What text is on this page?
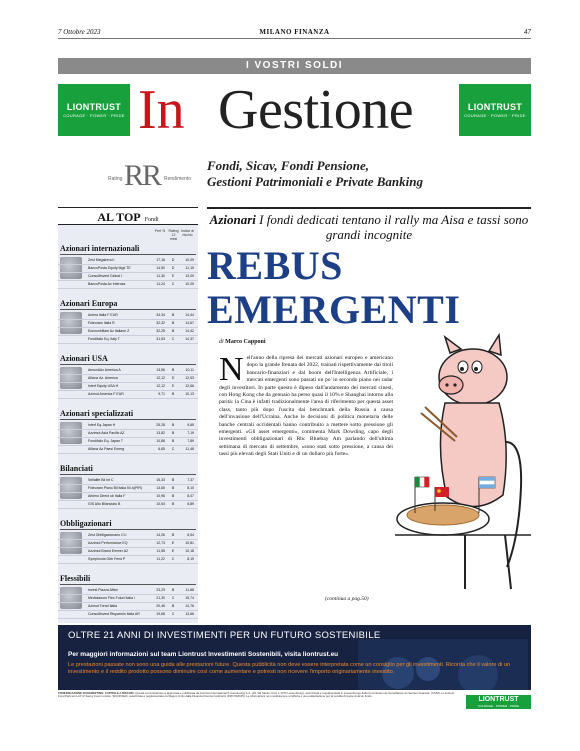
7 Ottobre 2023	MILANO FINANZA	47
I VOSTRI SOLDI
LIONTRUST
COURAGE · POWER · PRIDE In Gestione	LIONTRUST
COURAGE · POWER · PRIDE
Rating RR Rendimento
Fondi, Sicav, Fondi Pensione,
Gestioni Patrimoniali e Private Banking
AL TOP Fondi
Perf % Rating 12 mesi
Indice di rischio
Azionari internazionali
Zest Megatrend I	17,18	D	10,09
BancoPosta Equity Mgd TE	14,50	D	11,15
Consultinvest Global I	11,30	E	13,00
BancoPosta Az Internaz	11,24	C	10,05
Azionari Europa
Anima Italia F EUR	34,34	B	14,44
Fideuram Italia R	32,32	B	14,67
Eurizonbillam Az Italiane Z	32,25	B	14,42
Fondifolio Eq. Italy T	31,53	C	14,37
Azionari USA
AmundiAz America A	13,56	B	10,11
Allianz Az. America	12,12	D	12,53
Interf Equity USA H	12,12	E	12,66
Azimut America F EUR	9,71	B	10,13
Azionari specializzati
Interf Eq.Japan H	25,28	B	9,65
Azzimut Asia Pacific AZ	13,82	B	7,19
Fondifolio Eq. Japan T	10,88	B	7,89
Allianz Az Paesi Emerg	6,65	C	11,48
Bilanciati
Sellalife Bil Int C	15,33	B	7,37
Fideuram Piano Bil Italia 50 A(PIR)	13,65	B	8,10
Arkimo Direct ob Italia F	10,96	B	8,07
GIS Alto Bilanciato B	10,63	B	6,89
Obbligazionari
Zest Obbligazionario CI.I	14,26	B	6,54
Azzimut Performance EQ	12,73	E	10,81
Azzimut Brand Emmer A2	11,55	E	10,18
Symphonia Obb Fend P	11,22	C	8,19
Flessibili
Invest Piazza Affari	23,29	B	11,88
Mediolanum Flex Futuri Italia I	21,30	C	15,74
Azimut Trend Italia	20,46	B	14,76
Consultinvest Risparmio Italia AR	19,68	C	13,66
Azionari I fondi dedicati tentano il rally ma Aisa e tassi sono grandi incognite
REBUS
EMERGENTI
di Marco Capponi
Nell'anno della ripresa dei mercati azionari europeo e americano dopo la grande frenata del 2022, trainati rispettivamente dai titoli bancario-finanziari e dal boom dell'Intelligenza Artificiale, i mercati emergenti sono passati un po' in secondo piano nei radar degli investitori. In parte questo è dipeso dall'andamento dei mercati cinesi, con Hong Kong che da gennaio ha perso quasi il 10% e Shanghai intorno alla parità: la Cina è infatti tradizionalmente l'area di riferimento per questa asset class, tanto più dopo l'uscita dai benchmark della Russia a causa dell'invasione dell'Ucraina. Anche le decisioni di politica monetaria delle banche centrali occidentali hanno contribuito a mettere sotto pressione gli emergenti. «Gli asset emergenti», commenta Mark Dowding, capo degli investimenti obbligazionari di Rbc Bluebay Am parlando dell'ultima settimana di mercato di settembre, «sono stati sotto pressione, a causa dei tassi più elevati degli Stati Uniti e di un dollaro più forte».
(continua a pag.50)
OLTRE 21 ANNI DI INVESTIMENTI PER UN FUTURO SOSTENIBILE
Per maggiori informazioni sul team Liontrust Investimenti Sostenibili, visita liontrust.eu
Le prestazioni passate non sono una guida alle prestazioni future. Questa pubblicità non deve essere interpretata come un consiglio per gli investimenti. Ricorda che il valore di un investimento e il reddito prodotto possono diminuire così come aumentare e potresti non ricevere l'importo originariamente investito.
COMUNICAZIONE DI MARKETING: CAPITALE A RISCHIO. Questa comunicazione è approvata e pubblicata da Liontrust International (Luxembourg) S.A. (18, Val Sainte Croix L-1370 Luxembourg), autorizzata e regolamentata in Lussemburgo dalla Commission de Surveillance du Secteur Financier (CSSF) e Liontrust Fund Partners LLP (2 Savoy Court London, WC2R 0EZ), autorizzata e regolamentata nel Regno Unito dalla Financial Conduct Authority (FRN 518165). Le informazioni non costituiscono un'offerta o una sollecitazione per la vendita di quote di alcun fondo.	LIONTRUST
COURAGE · POWER · PRIDE
